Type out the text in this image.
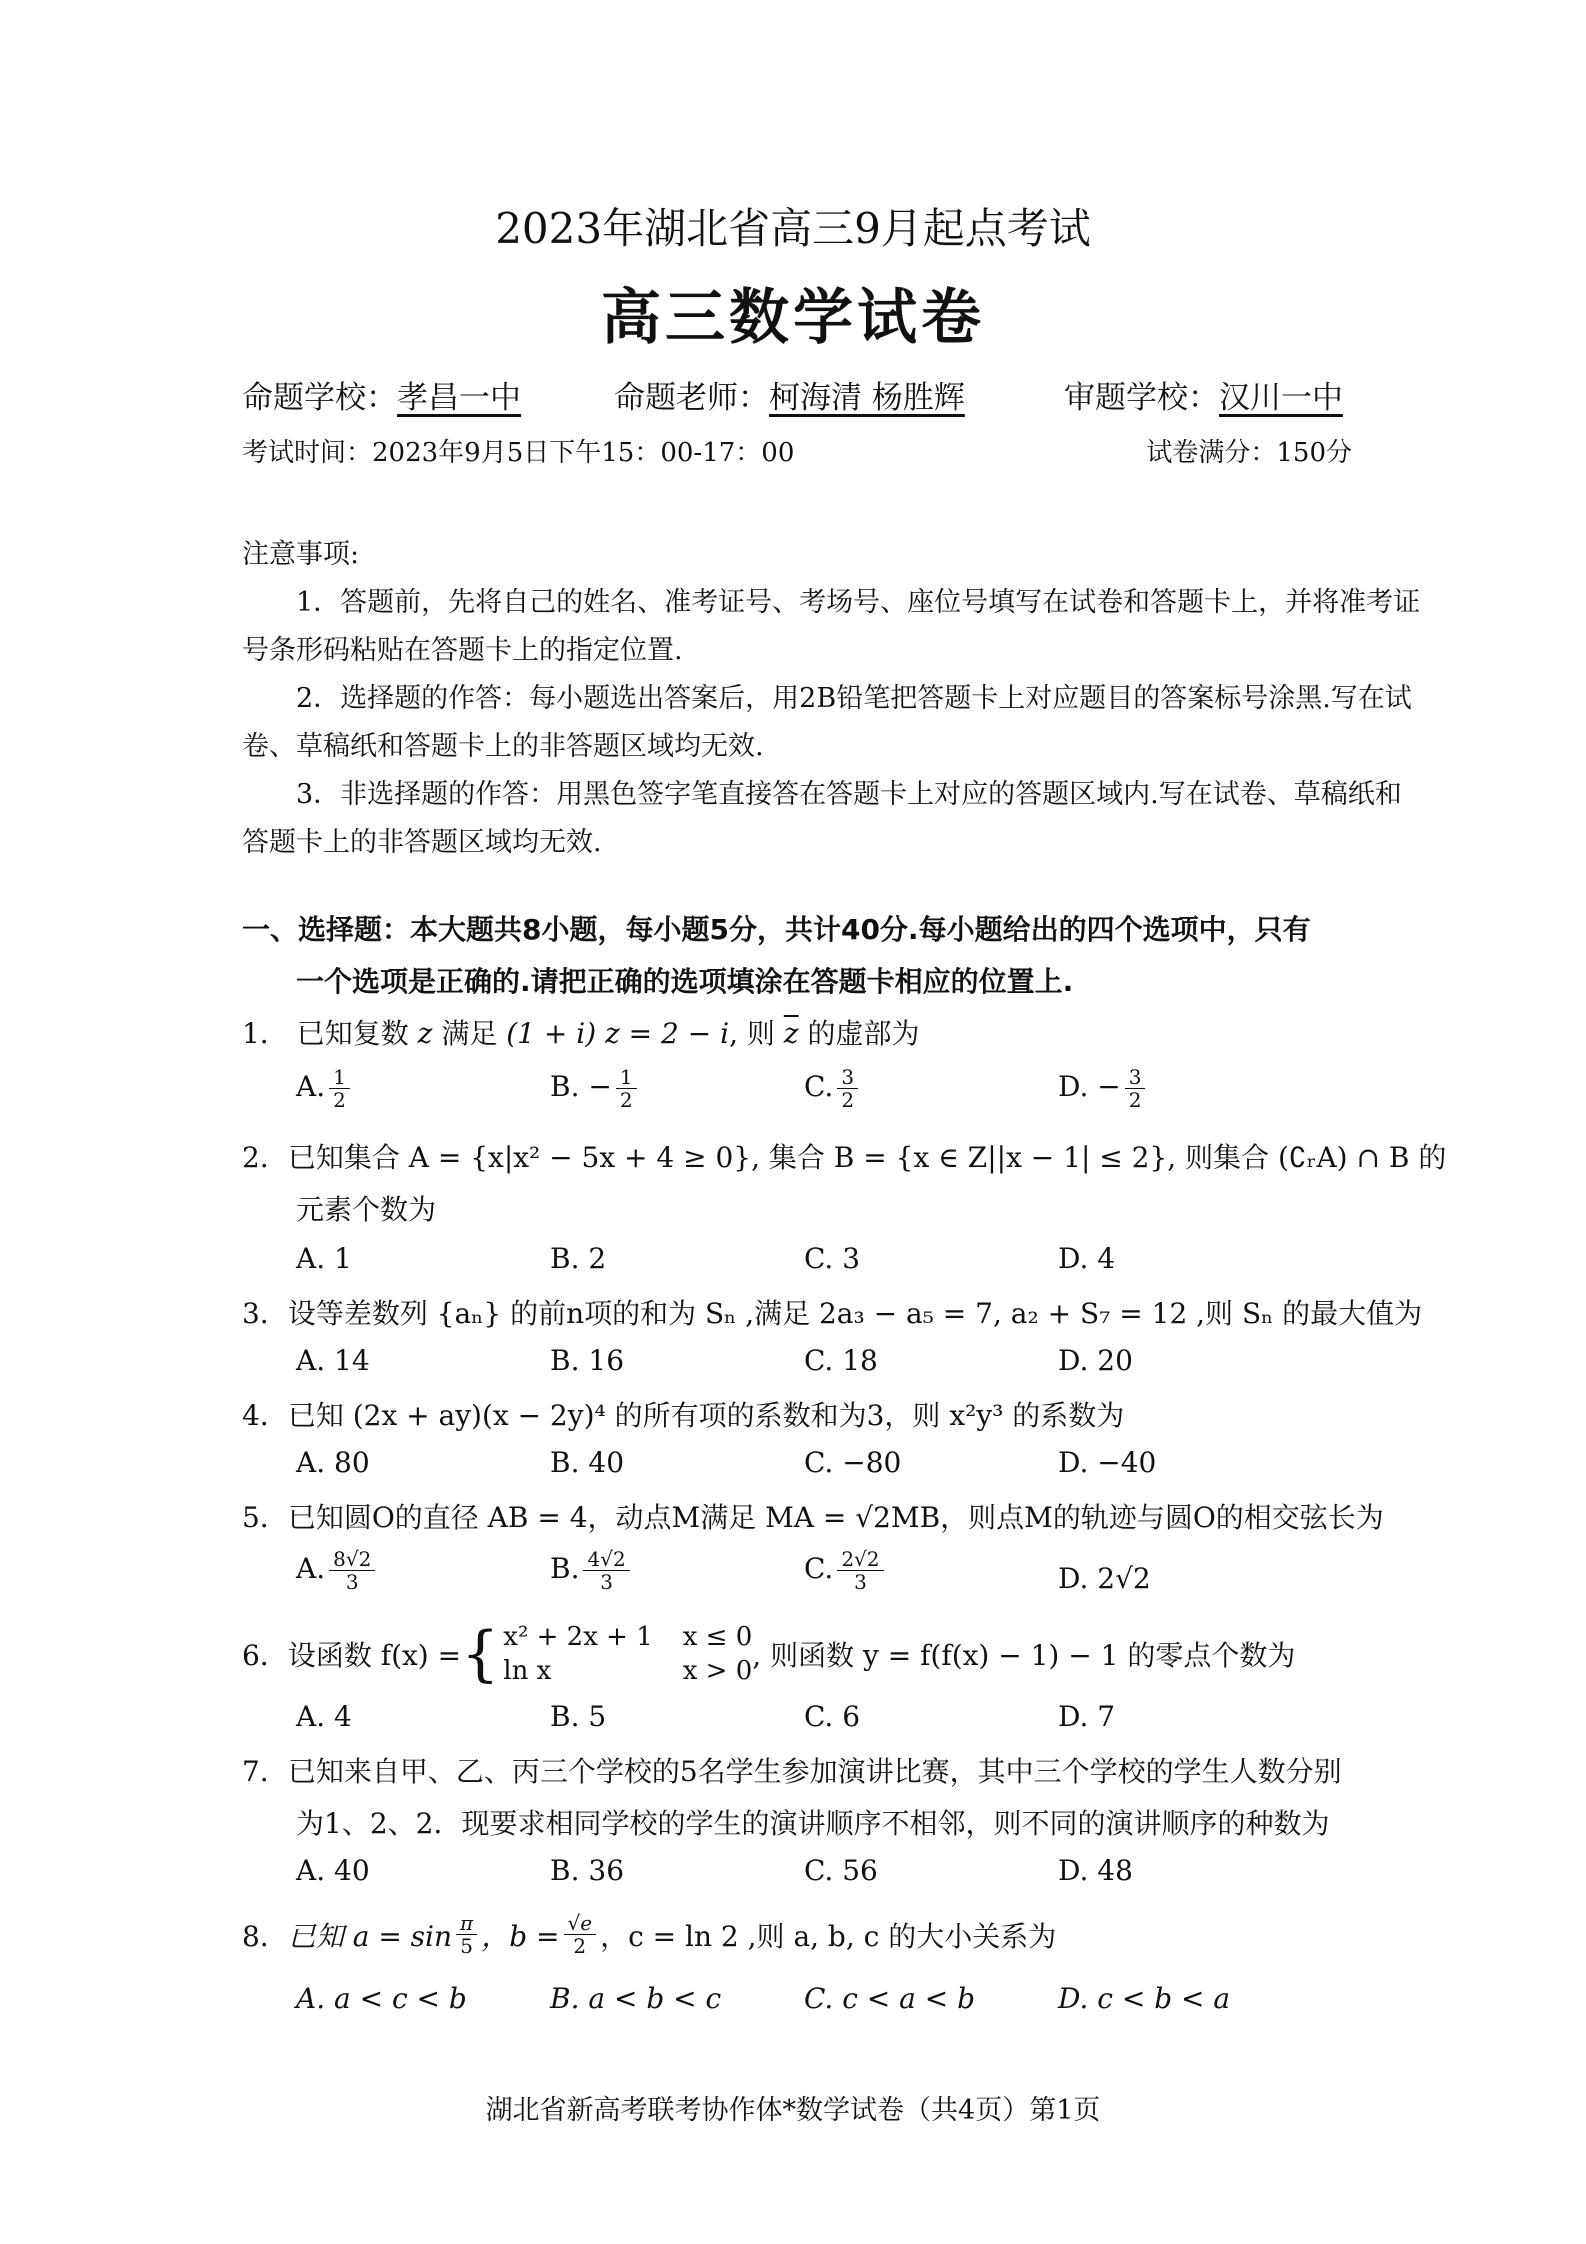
2023年湖北省高三9月起点考试
高三数学试卷
命题学校：孝昌一中	命题老师：柯海清 杨胜辉	审题学校：汉川一中
考试时间：2023年9月5日下午15：00-17：00	试卷满分：150分
注意事项:
1．答题前，先将自己的姓名、准考证号、考场号、座位号填写在试卷和答题卡上，并将准考证
号条形码粘贴在答题卡上的指定位置.
2．选择题的作答：每小题选出答案后，用2B铅笔把答题卡上对应题目的答案标号涂黑.写在试
卷、草稿纸和答题卡上的非答题区域均无效.
3．非选择题的作答：用黑色签字笔直接答在答题卡上对应的答题区域内.写在试卷、草稿纸和
答题卡上的非答题区域均无效.
一、选择题：本大题共8小题，每小题5分，共计40分.每小题给出的四个选项中，只有
一个选项是正确的.请把正确的选项填涂在答题卡相应的位置上.
1． 已知复数 z 满足 (1 + i) z = 2 − i, 则 $\overline{z}$ 的虚部为
A. $\frac{1}{2}$	B. − $\frac{1}{2}$	C. $\frac{3}{2}$	D. − $\frac{3}{2}$
2．已知集合 A = {x|x² − 5x + 4 ≥ 0}, 集合 B = {x ∈ Z||x − 1| ≤ 2}, 则集合 (∁ᵣA) ∩ B 的
元素个数为
A. 1	B. 2	C. 3	D. 4
3．设等差数列 {aₙ} 的前n项的和为 Sₙ ,满足 2a₃ − a₅ = 7, a₂ + S₇ = 12 ,则 Sₙ 的最大值为
A. 14	B. 16	C. 18	D. 20
4．已知 (2x + ay)(x − 2y)⁴ 的所有项的系数和为3，则 x²y³ 的系数为
A. 80	B. 40	C. −80	D. −40
5．已知圆O的直径 AB = 4，动点M满足 MA = √2MB，则点M的轨迹与圆O的相交弦长为
A. $\frac{8√2}{3}$	B. $\frac{4√2}{3}$	C. $\frac{2√2}{3}$	D. 2√2
6． 设函数 f(x) = { x² + 2x + 1 x ≤ 0
ln x	x > 0 , 则函数 y = f(f(x) − 1) − 1 的零点个数为
A. 4	B. 5	C. 6	D. 7
7．已知来自甲、乙、丙三个学校的5名学生参加演讲比赛，其中三个学校的学生人数分别
为1、2、2．现要求相同学校的学生的演讲顺序不相邻，则不同的演讲顺序的种数为
A. 40	B. 36	C. 56	D. 48
8． 已知 $a = \sin \frac{\pi}{5}$ ，$b = \frac{√e}{2}$ ，c = ln 2 ,则 a, b, c 的大小关系为
A. a < c < b	B. a < b < c	C. c < a < b	D. c < b < a
湖北省新高考联考协作体*数学试卷（共4页）第1页
